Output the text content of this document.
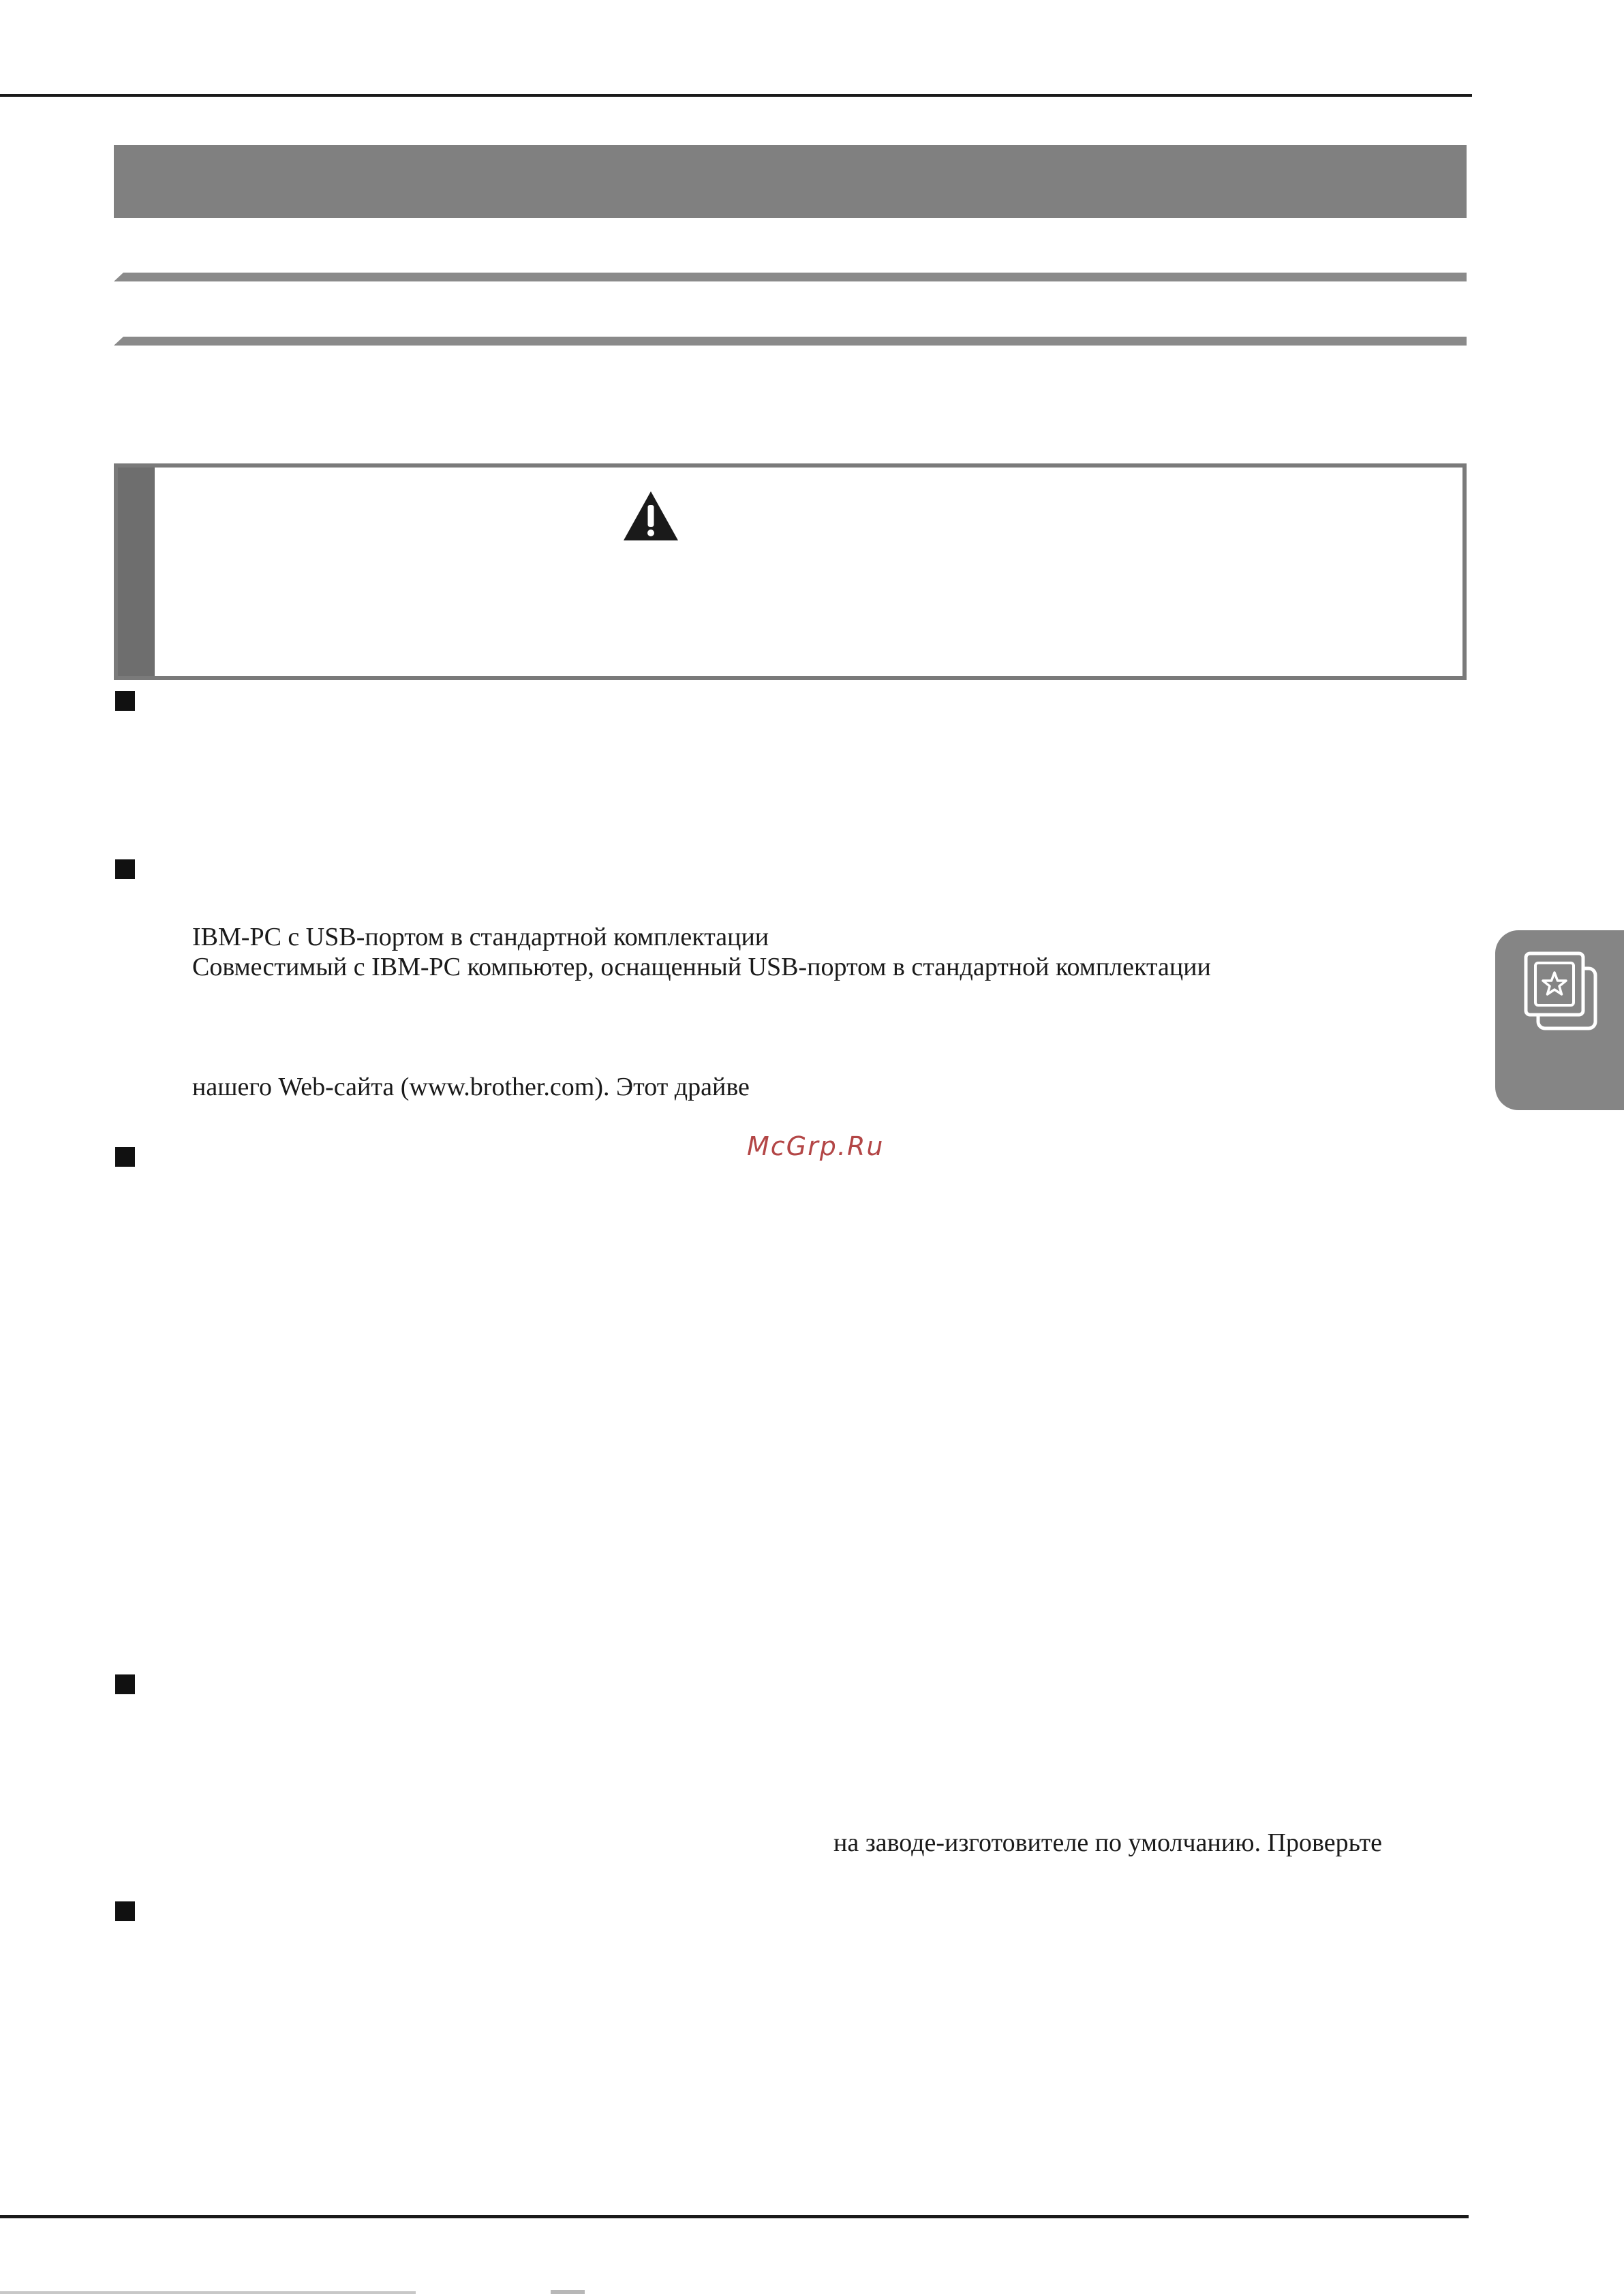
IBM-PC с USB-портом в стандартной комплектации
Совместимый с IBM-PC компьютер, оснащенный USB-портом в стандартной комплектации
нашего Web-сайта (www.brother.com). Этот драйве
McGrp.Ru
на заводе-изготовителе по умолчанию. Проверьте
